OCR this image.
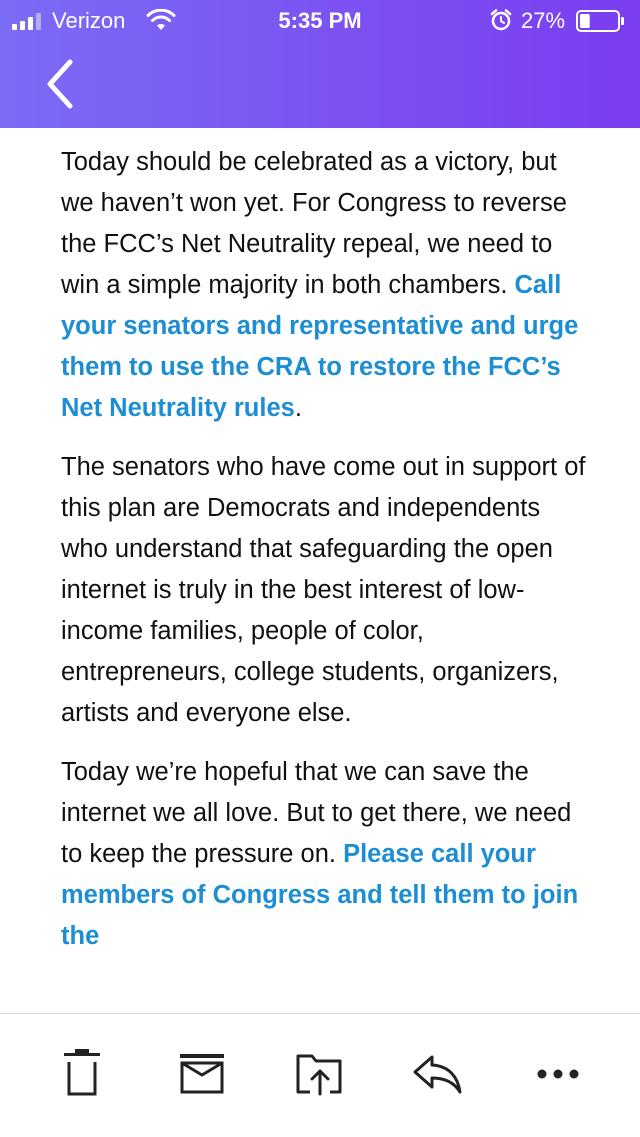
Verizon	5:35 PM	27%

Today should be celebrated as a victory, but we haven’t won yet. For Congress to reverse the FCC’s Net Neutrality repeal, we need to win a simple majority in both chambers. Call your senators and representative and urge them to use the CRA to restore the FCC’s Net Neutrality rules.

The senators who have come out in support of this plan are Democrats and independents who understand that safeguarding the open internet is truly in the best interest of low-income families, people of color, entrepreneurs, college students, organizers, artists and everyone else.

Today we’re hopeful that we can save the internet we all love. But to get there, we need to keep the pressure on. Please call your members of Congress and tell them to join the
